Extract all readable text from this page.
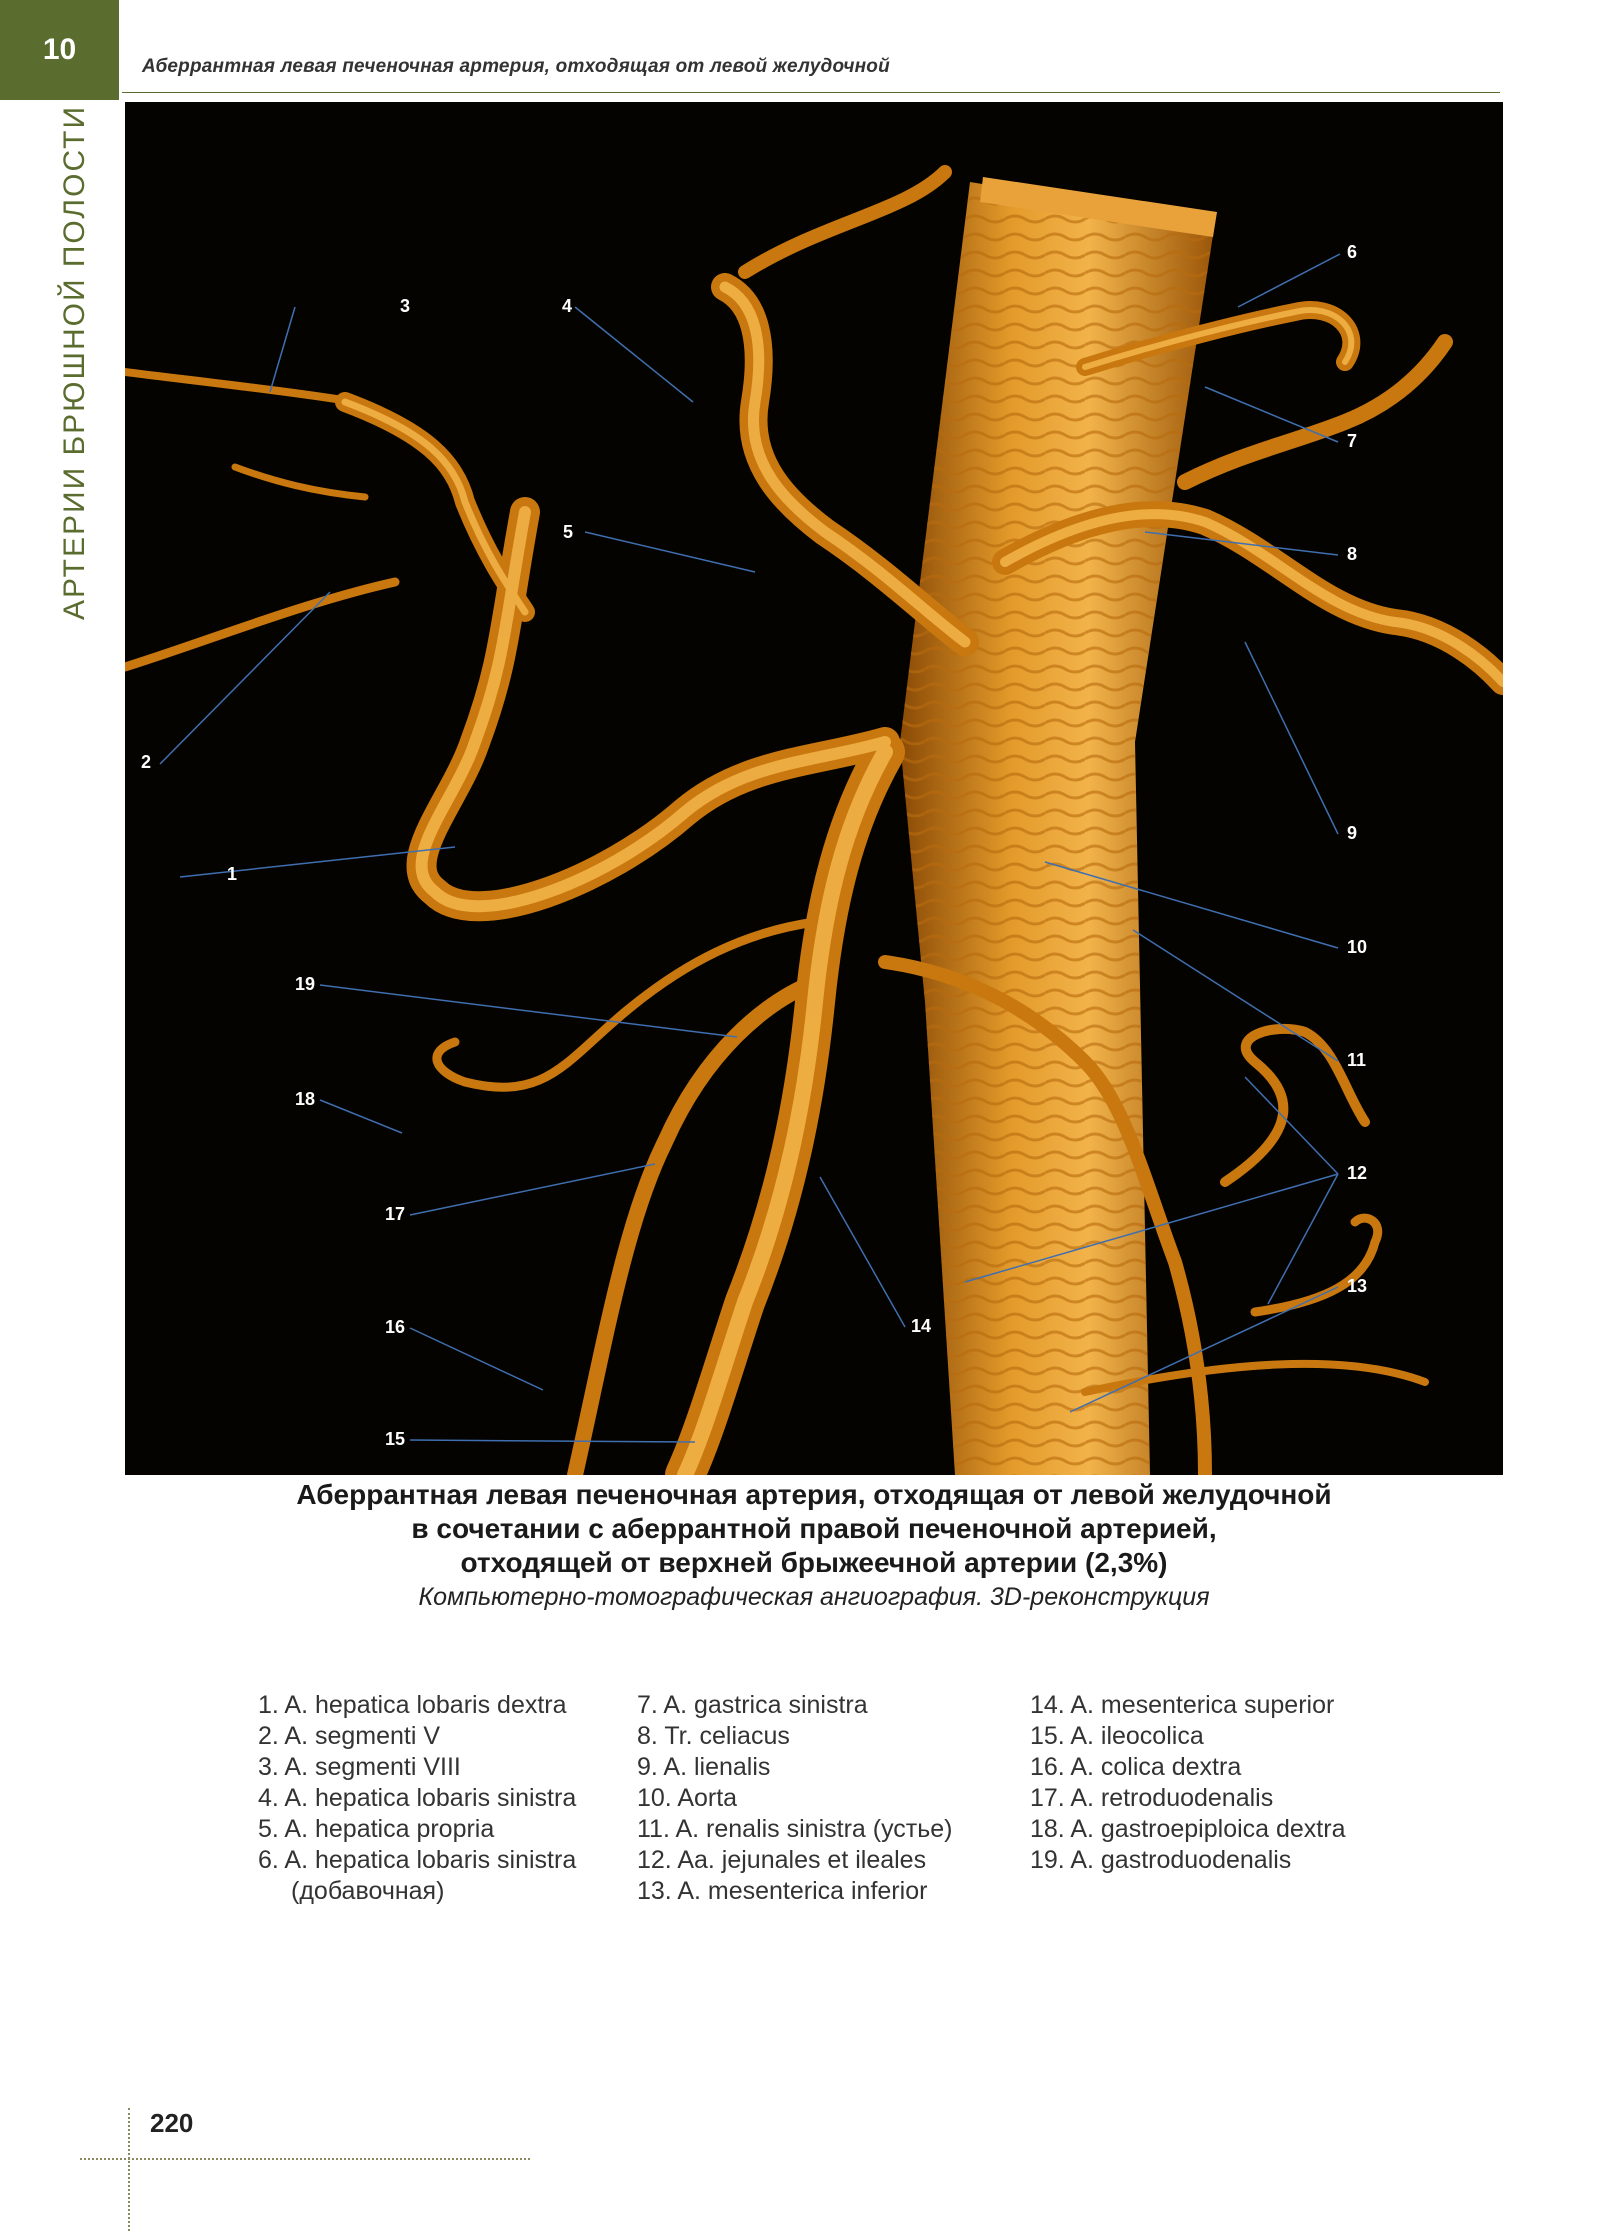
10
Аберрантная левая печеночная артерия, отходящая от левой желудочной
АРТЕРИИ БРЮШНОЙ ПОЛОСТИ
1
2
3	4
5
6
7
8
9
10
11
12
13
14
15
16
17
18
19
Аберрантная левая печеночная артерия, отходящая от левой желудочной
в сочетании с аберрантной правой печеночной артерией,
отходящей от верхней брыжеечной артерии (2,3%)
Компьютерно-томографическая ангиография. 3D-реконструкция
1. A. hepatica lobaris dextra
2. A. segmenti V
3. A. segmenti VIII
4. A. hepatica lobaris sinistra
5. A. hepatica propria
6. A. hepatica lobaris sinistra
(добавочная)
7. A. gastrica sinistra
8. Tr. celiacus
9. A. lienalis
10. Aorta
11. A. renalis sinistra (устье)
12. Aa. jejunales et ileales
13. A. mesenterica inferior
14. A. mesenterica superior
15. A. ileocolica
16. A. colica dextra
17. A. retroduodenalis
18. A. gastroepiploica dextra
19. A. gastroduodenalis
220
